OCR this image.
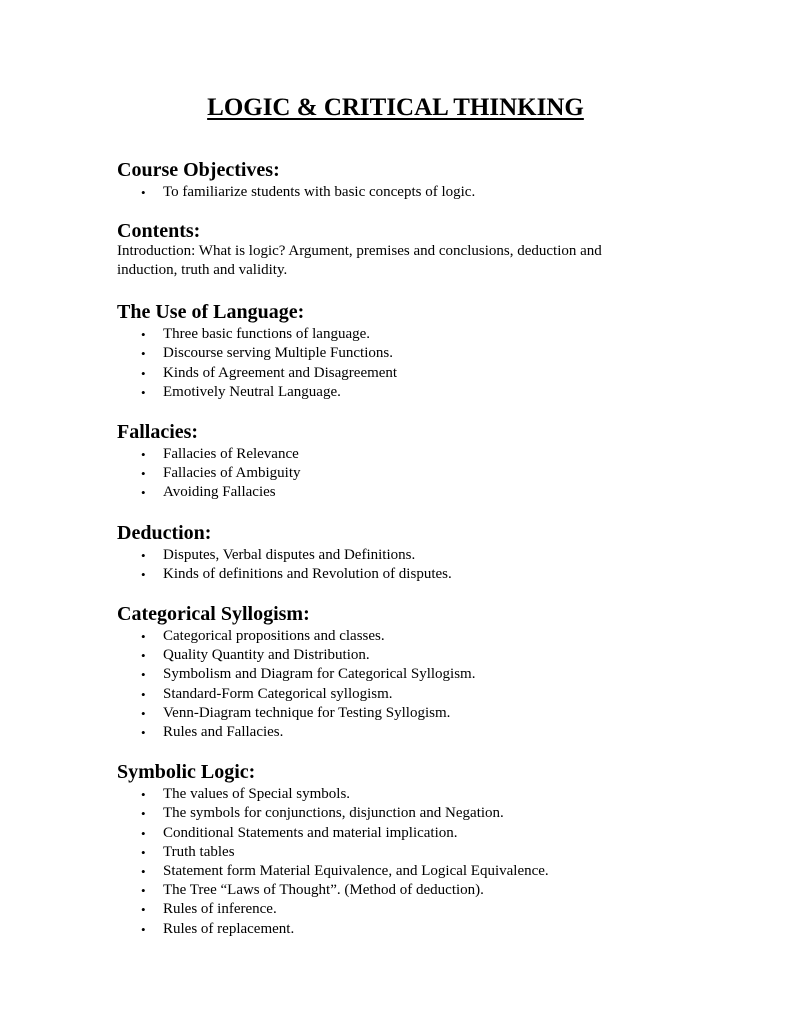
LOGIC & CRITICAL THINKING
Course Objectives:
• To familiarize students with basic concepts of logic.
Contents:

Introduction: What is logic? Argument, premises and conclusions, deduction and
induction, truth and validity.

The Use of Language:
• Three basic functions of language.
• Discourse serving Multiple Functions.
• Kinds of Agreement and Disagreement
• Emotively Neutral Language.
Fallacies:
• Fallacies of Relevance
• Fallacies of Ambiguity
• Avoiding Fallacies
Deduction:
• Disputes, Verbal disputes and Definitions.
• Kinds of definitions and Revolution of disputes.
Categorical Syllogism:
• Categorical propositions and classes.
• Quality Quantity and Distribution.
• Symbolism and Diagram for Categorical Syllogism.
• Standard-Form Categorical syllogism.
• Venn-Diagram technique for Testing Syllogism.
• Rules and Fallacies.
Symbolic Logic:
• The values of Special symbols.
• The symbols for conjunctions, disjunction and Negation.
• Conditional Statements and material implication.
• Truth tables
• Statement form Material Equivalence, and Logical Equivalence.
• The Tree “Laws of Thought”. (Method of deduction).
• Rules of inference.
• Rules of replacement.
